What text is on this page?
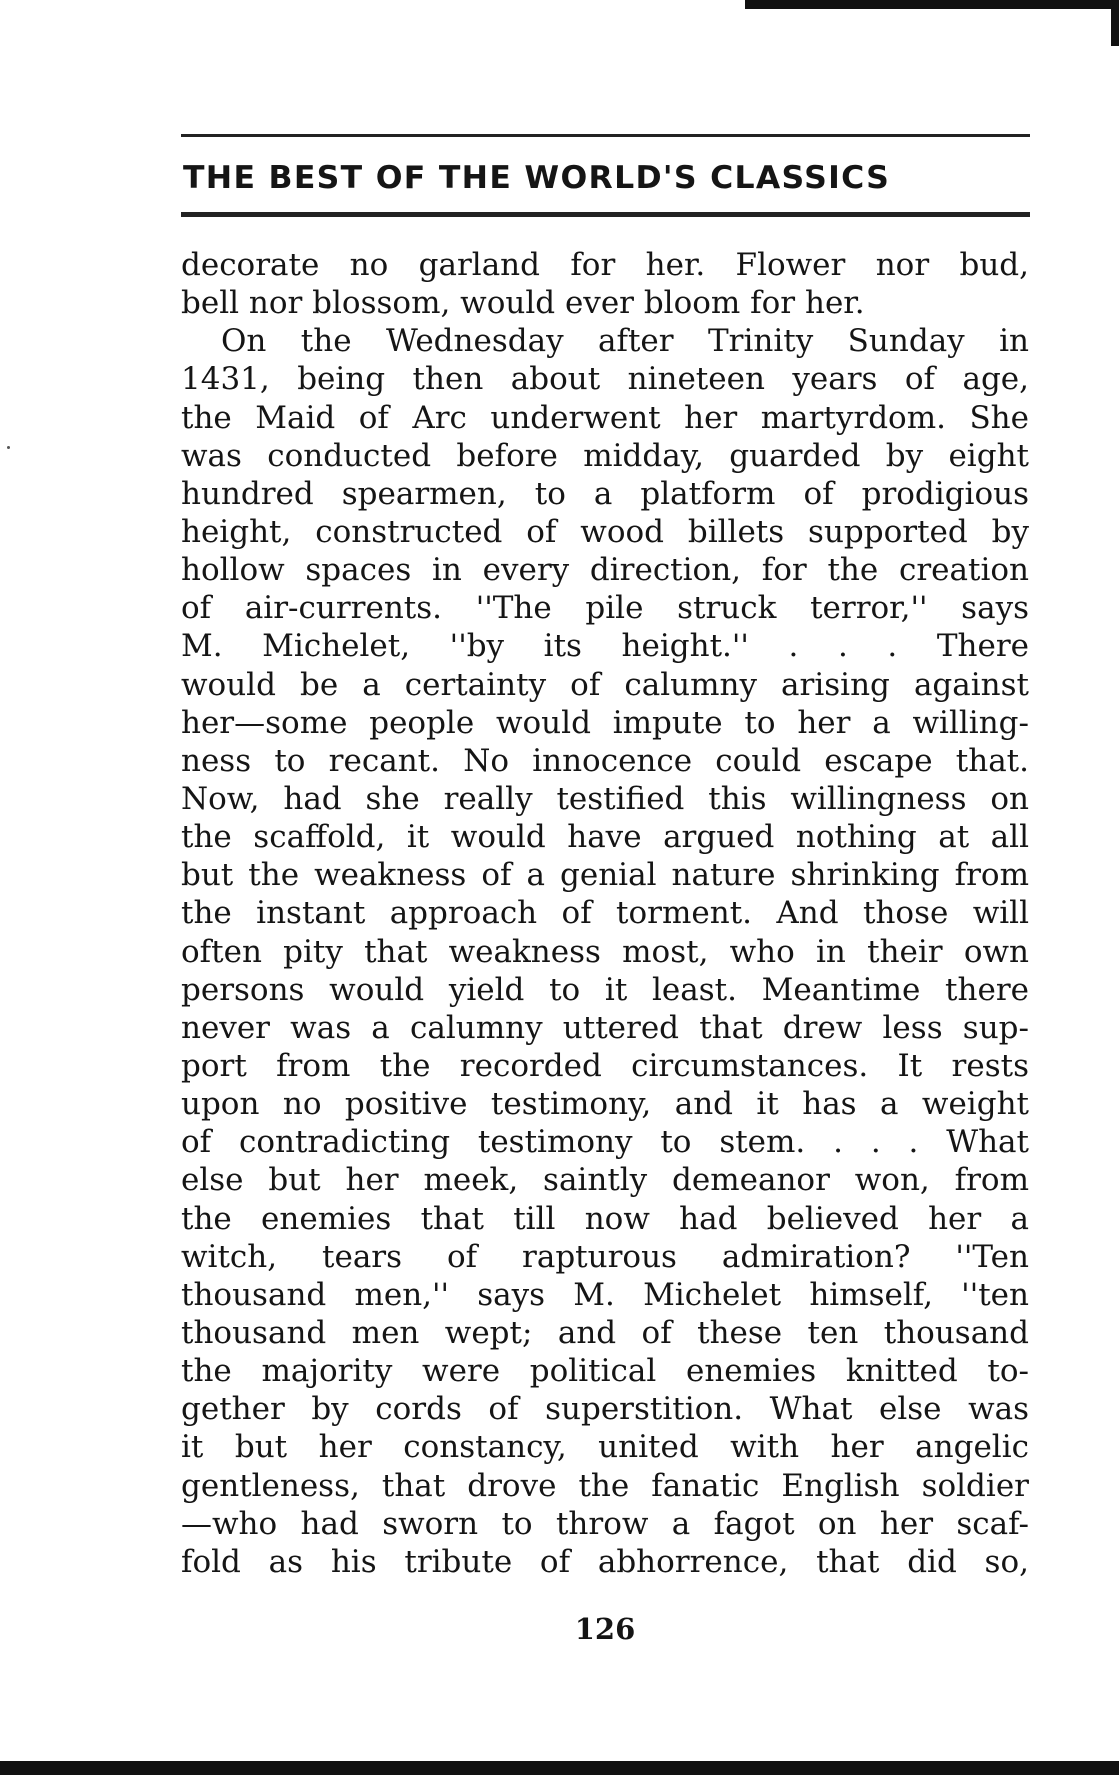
THE BEST OF THE WORLD'S CLASSICS
decorate no garland for her. Flower nor bud,
bell nor blossom, would ever bloom for her.
On the Wednesday after Trinity Sunday in
1431, being then about nineteen years of age,
the Maid of Arc underwent her martyrdom. She
was conducted before midday, guarded by eight
hundred spearmen, to a platform of prodigious
height, constructed of wood billets supported by
hollow spaces in every direction, for the creation
of air-currents. ''The pile struck terror,'' says
M. Michelet, ''by its height.'' . . . There
would be a certainty of calumny arising against
her—some people would impute to her a willing-
ness to recant. No innocence could escape that.
Now, had she really testified this willingness on
the scaffold, it would have argued nothing at all
but the weakness of a genial nature shrinking from
the instant approach of torment. And those will
often pity that weakness most, who in their own
persons would yield to it least. Meantime there
never was a calumny uttered that drew less sup-
port from the recorded circumstances. It rests
upon no positive testimony, and it has a weight
of contradicting testimony to stem. . . . What
else but her meek, saintly demeanor won, from
the enemies that till now had believed her a
witch, tears of rapturous admiration? ''Ten
thousand men,'' says M. Michelet himself, ''ten
thousand men wept; and of these ten thousand
the majority were political enemies knitted to-
gether by cords of superstition. What else was
it but her constancy, united with her angelic
gentleness, that drove the fanatic English soldier
—who had sworn to throw a fagot on her scaf-
fold as his tribute of abhorrence, that did so,
126
